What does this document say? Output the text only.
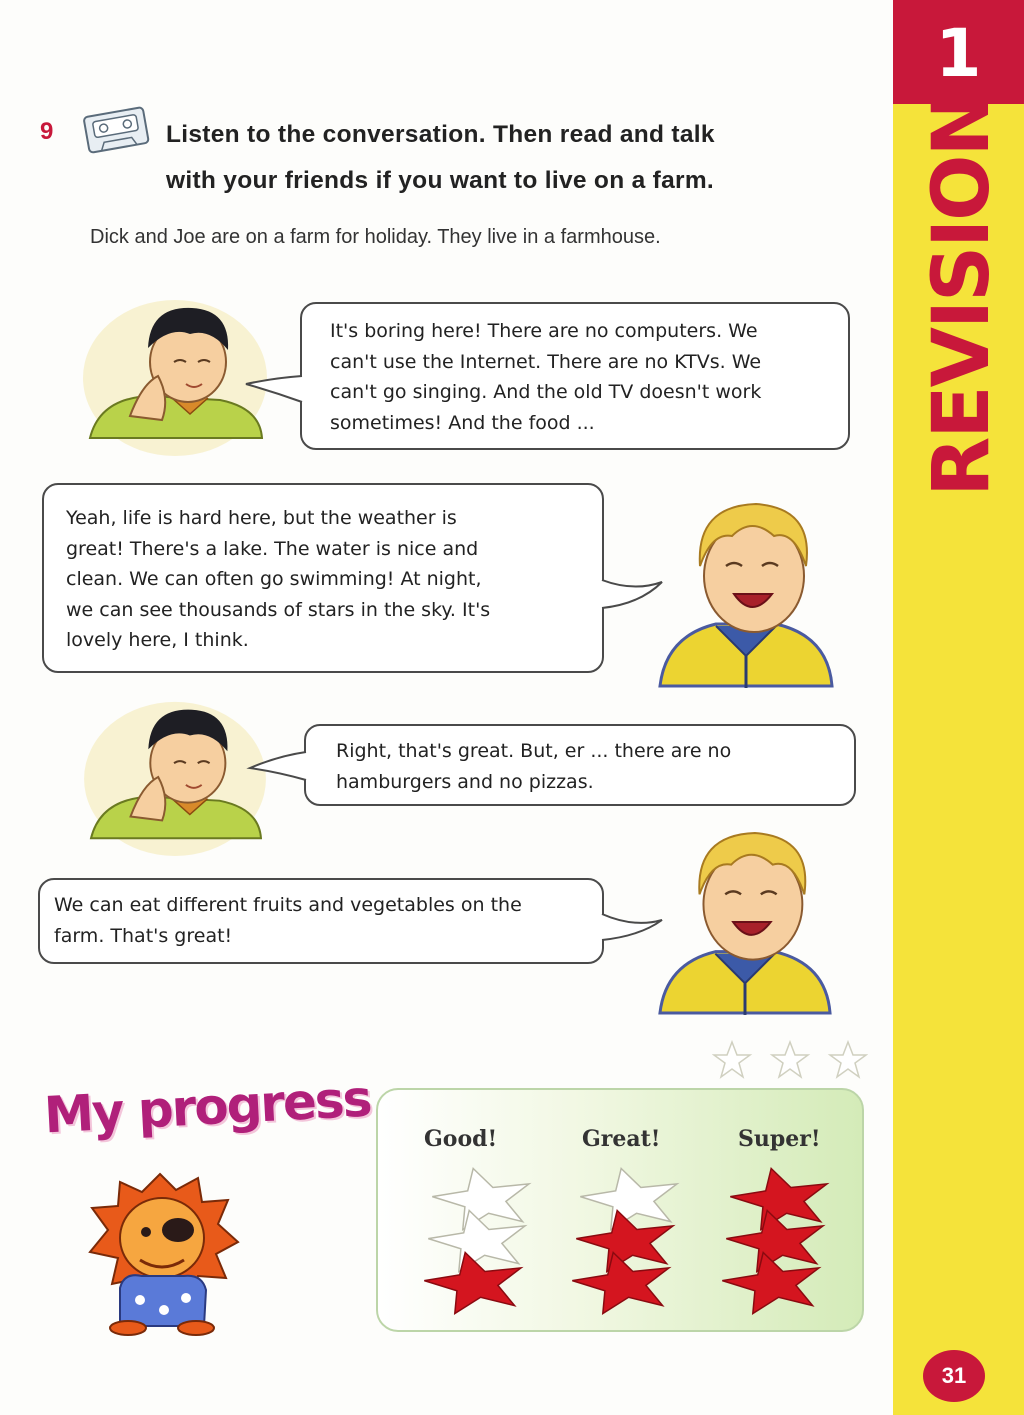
1
REVISION
31
9	Listen to the conversation. Then read and talk
with your friends if you want to live on a farm.
Dick and Joe are on a farm for holiday. They live in a farmhouse.

It's boring here! There are no computers. We
can't use the Internet. There are no KTVs. We
can't go singing. And the old TV doesn't work
sometimes! And the food ...

Yeah, life is hard here, but the weather is
great! There's a lake. The water is nice and
clean. We can often go swimming! At night,
we can see thousands of stars in the sky. It's
lovely here, I think.

Right, that's great. But, er ... there are no
hamburgers and no pizzas.

We can eat different fruits and vegetables on the
farm. That's great!

My progress Good!	Great!	Super!
